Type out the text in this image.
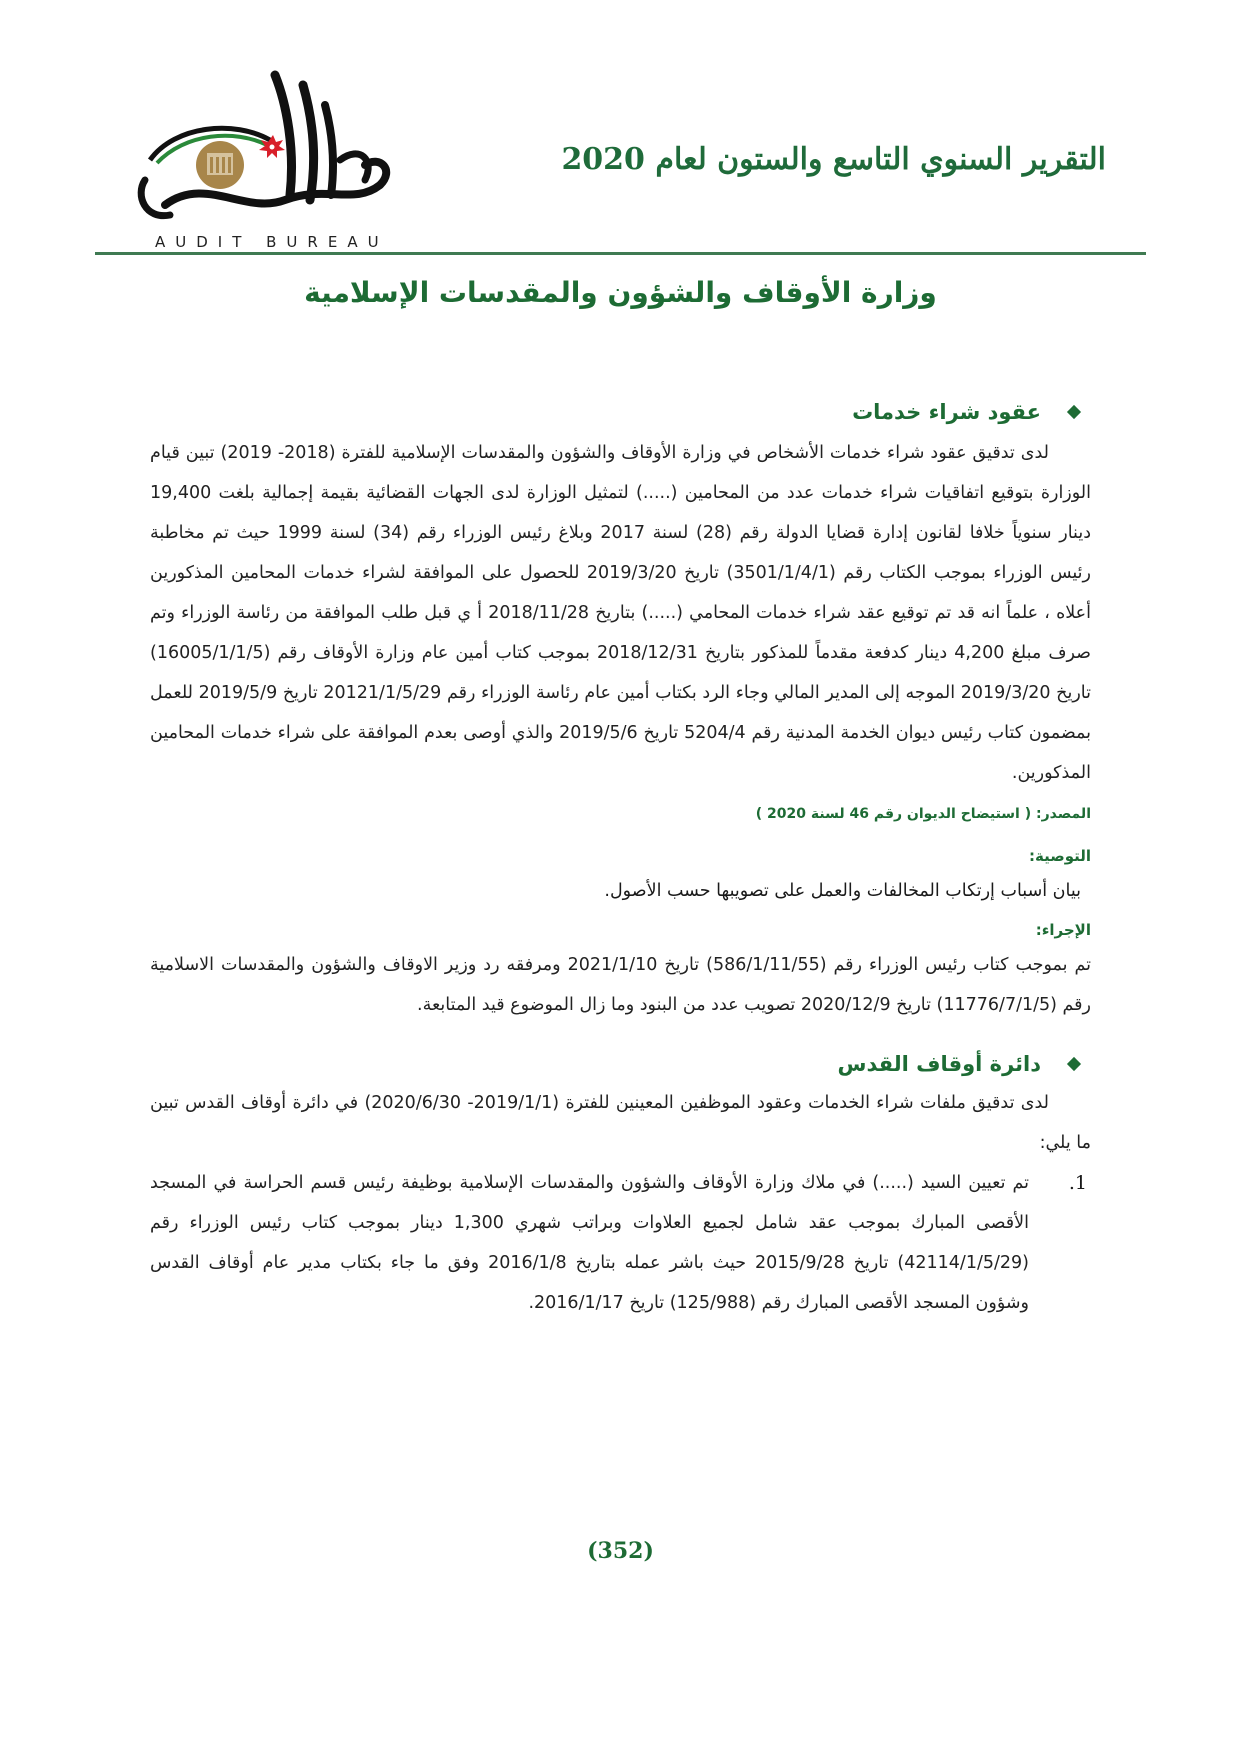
AUDIT BUREAU
التقرير السنوي التاسع والستون لعام 2020
وزارة الأوقاف والشؤون والمقدسات الإسلامية
عقود شراء خدمات

لدى تدقيق عقود شراء خدمات الأشخاص في وزارة الأوقاف والشؤون والمقدسات الإسلامية للفترة (2018- 2019) تبين قيام الوزارة بتوقيع اتفاقيات شراء خدمات عدد من المحامين (.....) لتمثيل الوزارة لدى الجهات القضائية بقيمة إجمالية بلغت 19,400 دينار سنوياً خلافا لقانون إدارة قضايا الدولة رقم (28) لسنة 2017 وبلاغ رئيس الوزراء رقم (34) لسنة 1999 حيث تم مخاطبة رئيس الوزراء بموجب الكتاب رقم (3501/1/4/1) تاريخ 2019/3/20 للحصول على الموافقة لشراء خدمات المحامين المذكورين أعلاه ، علماً انه قد تم توقيع عقد شراء خدمات المحامي (.....) بتاريخ 2018/11/28 أ ي قبل طلب الموافقة من رئاسة الوزراء وتم صرف مبلغ 4,200 دينار كدفعة مقدماً للمذكور بتاريخ 2018/12/31 بموجب كتاب أمين عام وزارة الأوقاف رقم (16005/1/1/5) تاريخ 2019/3/20 الموجه إلى المدير المالي وجاء الرد بكتاب أمين عام رئاسة الوزراء رقم 20121/1/5/29 تاريخ 2019/5/9 للعمل بمضمون كتاب رئيس ديوان الخدمة المدنية رقم 5204/4 تاريخ 2019/5/6 والذي أوصى بعدم الموافقة على شراء خدمات المحامين المذكورين.

المصدر: ( استيضاح الديوان رقم 46 لسنة 2020 )
التوصية:

بيان أسباب إرتكاب المخالفات والعمل على تصويبها حسب الأصول.

الإجراء:

تم بموجب كتاب رئيس الوزراء رقم (586/1/11/55) تاريخ 2021/1/10 ومرفقه رد وزير الاوقاف والشؤون والمقدسات الاسلامية رقم (11776/7/1/5) تاريخ 2020/12/9 تصويب عدد من البنود وما زال الموضوع قيد المتابعة.

دائرة أوقاف القدس

لدى تدقيق ملفات شراء الخدمات وعقود الموظفين المعينين للفترة (2019/1/1- 2020/6/30) في دائرة أوقاف القدس تبين ما يلي:

1.

تم تعيين السيد (.....) في ملاك وزارة الأوقاف والشؤون والمقدسات الإسلامية بوظيفة رئيس قسم الحراسة في المسجد الأقصى المبارك بموجب عقد شامل لجميع العلاوات وبراتب شهري 1,300 دينار بموجب كتاب رئيس الوزراء رقم (42114/1/5/29) تاريخ 2015/9/28 حيث باشر عمله بتاريخ 2016/1/8 وفق ما جاء بكتاب مدير عام أوقاف القدس وشؤون المسجد الأقصى المبارك رقم (125/988) تاريخ 2016/1/17.

(352)
